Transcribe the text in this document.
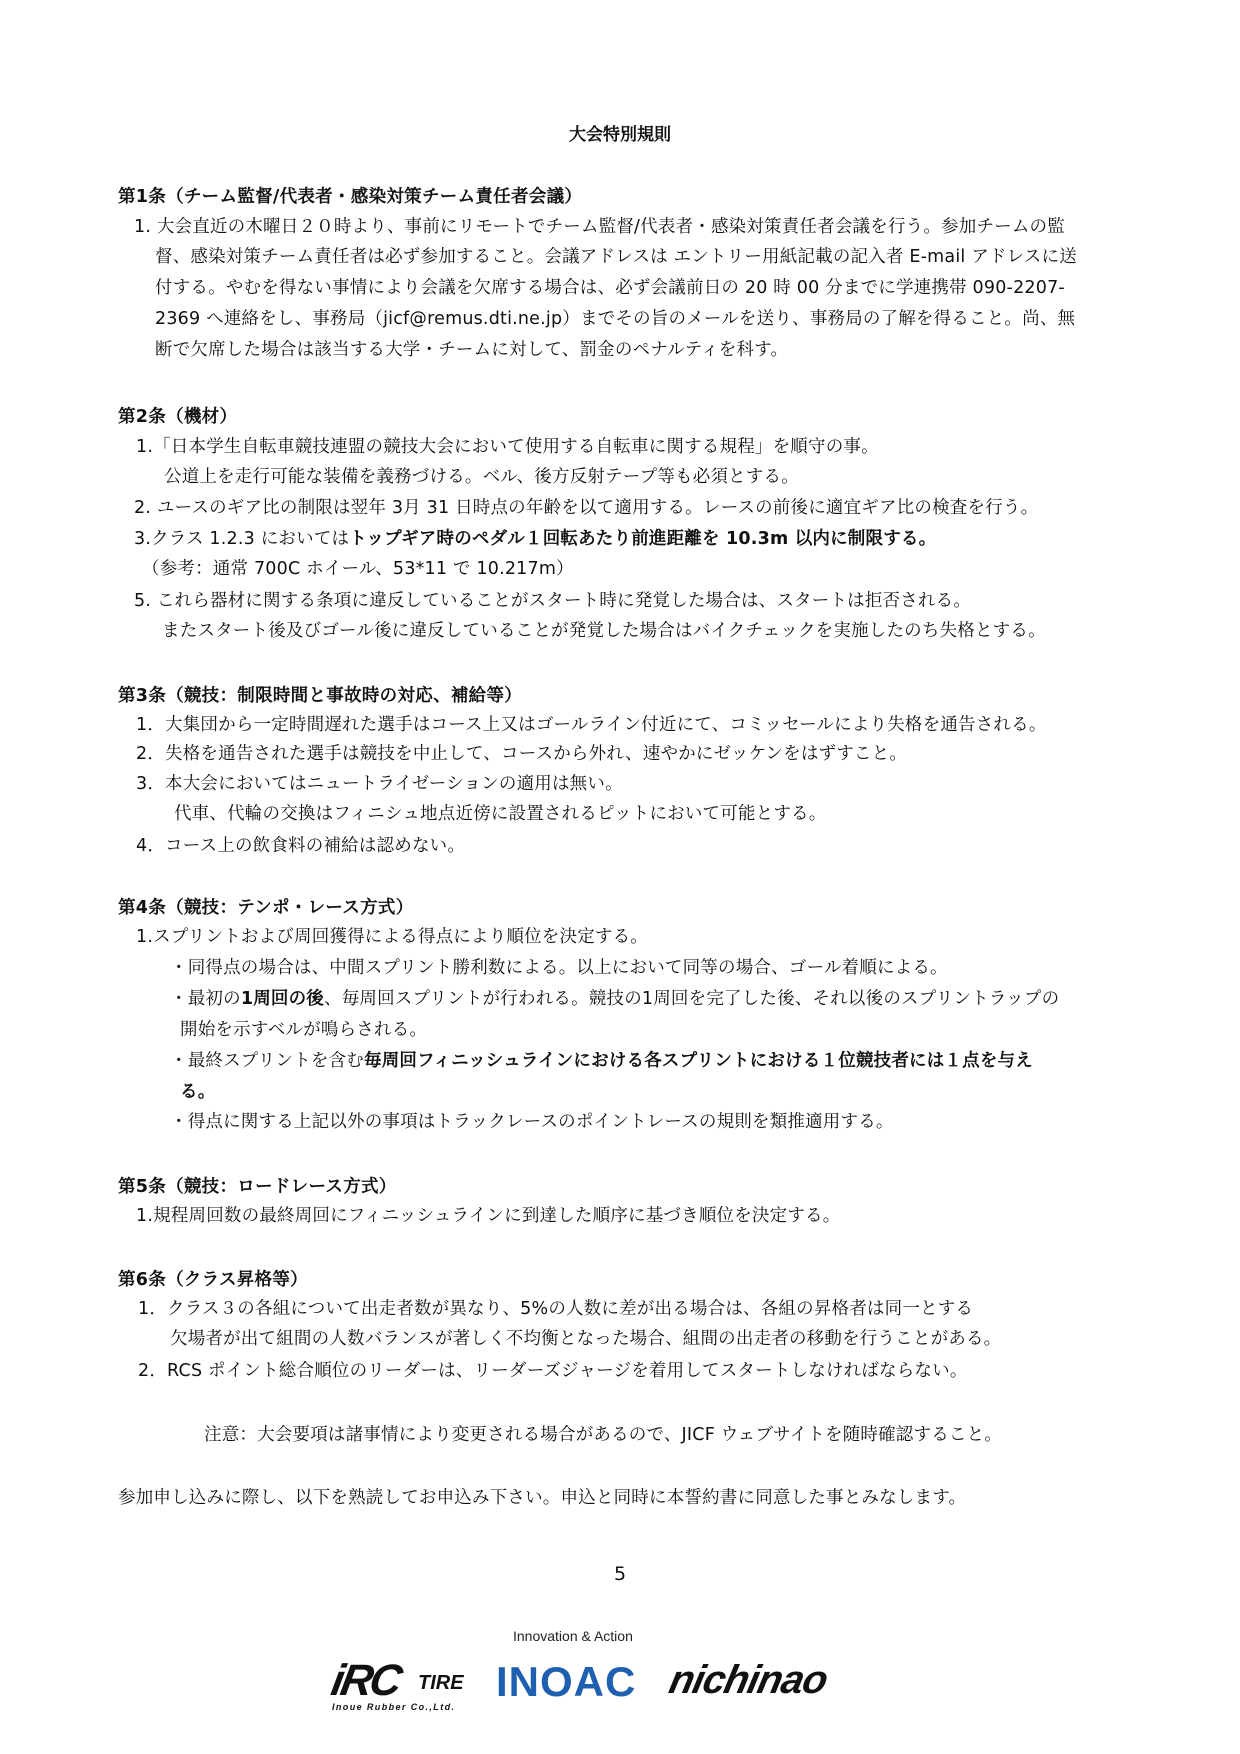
大会特別規則
第1条（チーム監督/代表者・感染対策チーム責任者会議）
1. 大会直近の木曜日２０時より、事前にリモートでチーム監督/代表者・感染対策責任者会議を行う。参加チームの監
督、感染対策チーム責任者は必ず参加すること。会議アドレスは エントリー用紙記載の記入者 E-mail アドレスに送
付する。やむを得ない事情により会議を欠席する場合は、必ず会議前日の 20 時 00 分までに学連携帯 090-2207-
2369 へ連絡をし、事務局（jicf@remus.dti.ne.jp）までその旨のメールを送り、事務局の了解を得ること。尚、無
断で欠席した場合は該当する大学・チームに対して、罰金のペナルティを科す。
第2条（機材）
1.「日本学生自転車競技連盟の競技大会において使用する自転車に関する規程」を順守の事。
公道上を走行可能な装備を義務づける。ベル、後方反射テープ等も必須とする。
2. ユースのギア比の制限は翌年 3月 31 日時点の年齢を以て適用する。レースの前後に適宜ギア比の検査を行う。
3.クラス 1.2.3 においてはトップギア時のペダル１回転あたり前進距離を 10.3m 以内に制限する。
（参考：通常 700C ホイール、53*11 で 10.217m）
5. これら器材に関する条項に違反していることがスタート時に発覚した場合は、スタートは拒否される。
またスタート後及びゴール後に違反していることが発覚した場合はバイクチェックを実施したのち失格とする。
第3条（競技：制限時間と事故時の対応、補給等）
1．大集団から一定時間遅れた選手はコース上又はゴールライン付近にて、コミッセールにより失格を通告される。
2．失格を通告された選手は競技を中止して、コースから外れ、速やかにゼッケンをはずすこと。
3．本大会においてはニュートライゼーションの適用は無い。
代車、代輪の交換はフィニシュ地点近傍に設置されるピットにおいて可能とする。
4．コース上の飲食料の補給は認めない。
第4条（競技：テンポ・レース方式）
1.スプリントおよび周回獲得による得点により順位を決定する。
・同得点の場合は、中間スプリント勝利数による。以上において同等の場合、ゴール着順による。
・最初の1周回の後、毎周回スプリントが行われる。競技の1周回を完了した後、それ以後のスプリントラップの
開始を示すベルが鳴らされる。
・最終スプリントを含む毎周回フィニッシュラインにおける各スプリントにおける１位競技者には１点を与え
る。
・得点に関する上記以外の事項はトラックレースのポイントレースの規則を類推適用する。
第5条（競技：ロードレース方式）
1.規程周回数の最終周回にフィニッシュラインに到達した順序に基づき順位を決定する。
第6条（クラス昇格等）
1．クラス３の各組について出走者数が異なり、5%の人数に差が出る場合は、各組の昇格者は同一とする
欠場者が出て組間の人数バランスが著しく不均衡となった場合、組間の出走者の移動を行うことがある。
2．RCS ポイント総合順位のリーダーは、リーダーズジャージを着用してスタートしなければならない。
注意：大会要項は諸事情により変更される場合があるので、JICF ウェブサイトを随時確認すること。
参加申し込みに際し、以下を熟読してお申込み下さい。申込と同時に本誓約書に同意した事とみなします。
5
Innovation & Action
iRC TIRE
Inoue Rubber Co.,Ltd.
INOAC nichinao
